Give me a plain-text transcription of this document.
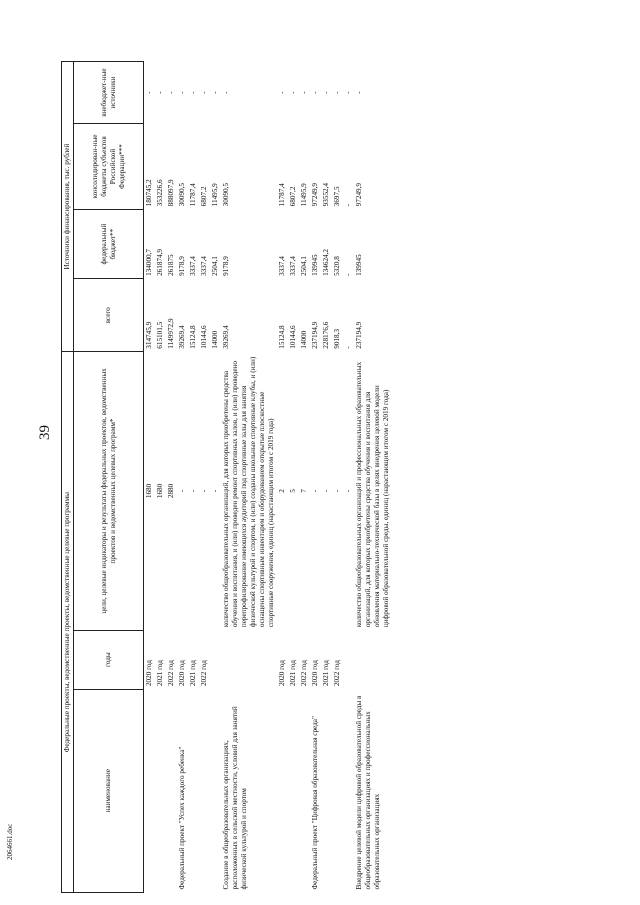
39
2064661.doc
Федеральные проекты, ведомственные проекты, ведомственные целевые программы			Источники финансирования, тыс. рублей			
наименование	годы	цели, целевые индикаторы и результаты федеральных проектов, ведомственных проектов и ведомственных целевых программ*	всего	федеральный бюджет**	консолидирован-ные бюджеты субъектов Российской Федерации***	внебюджет-ные источники
	2020 год	1680	314745,9	134000,7	180745,2	-
	2021 год	1680	615101,5	261874,9	353226,6	-
	2022 год	2880	1149972,9	261875	888097,9	-
Федеральный проект "Успех каждого ребенка"	2020 год	-	39269,4	9178,9	30090,5	-
	2021 год	-	15124,8	3337,4	11787,4	-
	2022 год	-	10144,6	3337,4	6807,2	-
		-	14000	2504,1	11495,9	-
Создание в общеобразовательных организациях, расположенных в сельской местности, условий для занятий физической культурой и спортом		количество общеобразовательных организаций, для которых приобретены средства обучения и воспитания, и (или) проведен ремонт спортивных залов, и (или) проведено перепрофилирование имеющихся аудиторий под спортивные залы для занятия физической культурой и спортом, и (или) созданы школьные спортивные клубы, и (или) оснащены спортивным инвентарем и оборудованием открытые плоскостные спортивные сооружения, единиц (нарастающим итогом с 2019 года)	39269,4	9178,9	30090,5	-
	2020 год	2	15124,8	3337,4	11787,4	-
	2021 год	5	10144,6	3337,4	6807,2	-
	2022 год	7	14000	2504,1	11495,9	-
Федеральный проект "Цифровая образовательная среда"	2020 год	-	237194,9	139945	97249,9	-
	2021 год	-	228176,6	134624,2	93552,4	-
	2022 год	-	9018,3	5320,8	3697,5	-
		-	-	-	-	-
Внедрение целевой модели цифровой образовательной среды в общеобразовательных организациях и профессиональных образовательных организациях		количество общеобразовательных организаций и профессиональных образовательных организаций, для которых приобретены средства обучения и воспитания для обновления материально-технической базы в целях внедрения целевой модели цифровой образовательной среды, единиц (нарастающим итогом с 2019 года)	237194,9	139945	97249,9	-
